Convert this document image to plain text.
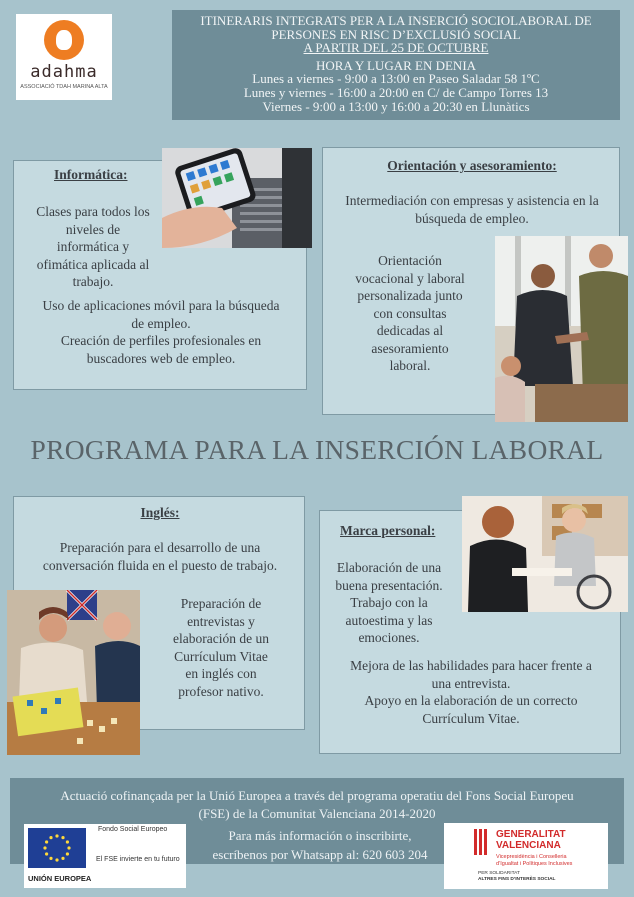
adahma
ASSOCIACIÓ TDAH MARINA ALTA
ITINERARIS INTEGRATS PER A LA INSERCIÓ SOCIOLABORAL DE
PERSONES EN RISC D’EXCLUSIÓ SOCIAL
A PARTIR DEL 25 DE OCTUBRE
HORA Y LUGAR EN DENIA
Lunes a viernes - 9:00 a 13:00 en Paseo Saladar 58 1ºC
Lunes y viernes - 16:00 a 20:00 en C/ de Campo Torres 13
Viernes - 9:00 a 13:00 y 16:00 a 20:30 en Llunàtics
Informática:
Clases para todos los
niveles de
informática y
ofimática aplicada al
trabajo.
Uso de aplicaciones móvil para la búsqueda
de empleo.
Creación de perfiles profesionales en
buscadores web de empleo.
Orientación y asesoramiento:
Intermediación con empresas y asistencia en la
búsqueda de empleo.
Orientación
vocacional y laboral
personalizada junto
con consultas
dedicadas al
asesoramiento
laboral.
PROGRAMA PARA LA INSERCIÓN LABORAL
Inglés:
Preparación para el desarrollo de una
conversación fluida en el puesto de trabajo.
Preparación de
entrevistas y
elaboración de un
Currículum Vitae
en inglés con
profesor nativo.
Marca personal:
Elaboración de una
buena presentación.
Trabajo con la
autoestima y las
emociones.
Mejora de las habilidades para hacer frente a
una entrevista.
Apoyo en la elaboración de un correcto
Currículum Vitae.
Actuació cofinançada per la Unió Europea a través del programa operatiu del Fons Social Europeu
(FSE) de la Comunitat Valenciana 2014-2020
Para más información o inscribirte,
escríbenos por Whatsapp al: 620 603 204
Fondo Social Europeo
El FSE invierte en tu futuro
UNIÓN EUROPEA
GENERALITAT
VALENCIANA
Vicepresidència i Conselleria
d’Igualtat i Polítiques Inclusives
PER SOLIDARITAT
ALTRES FINS D’INTERÈS SOCIAL
